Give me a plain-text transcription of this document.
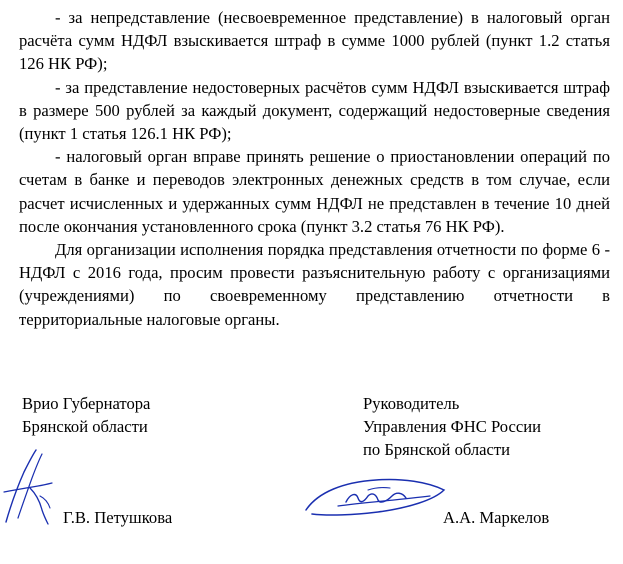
- за непредставление (несвоевременное представление) в налоговый орган расчёта сумм НДФЛ взыскивается штраф в сумме 1000 рублей (пункт 1.2 статья 126 НК РФ);

- за представление недостоверных расчётов сумм НДФЛ взыскивается штраф в размере 500 рублей за каждый документ, содержащий недостоверные сведения (пункт 1 статья 126.1 НК РФ);

- налоговый орган вправе принять решение о приостановлении операций по счетам в банке и переводов электронных денежных средств в том случае, если расчет исчисленных и удержанных сумм НДФЛ не представлен в течение 10 дней после окончания установленного срока (пункт 3.2 статья 76 НК РФ).

Для организации исполнения порядка представления отчетности по форме 6 - НДФЛ с 2016 года, просим провести разъяснительную работу с организациями (учреждениями) по своевременному представлению отчетности в территориальные налоговые органы.

Врио Губернатора
Брянской области
Руководитель
Управления ФНС России
по Брянской области
Г.В. Петушкова	А.А. Маркелов
